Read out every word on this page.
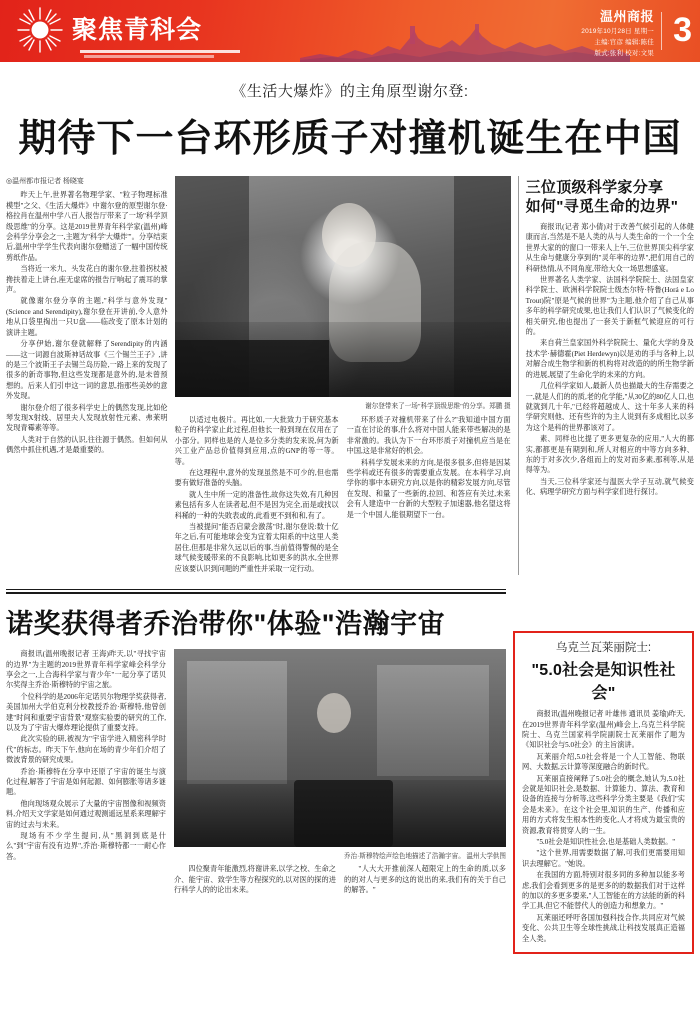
聚焦青科会	温州商报
2019年10月28日 星期一
主编:官彦 编辑:陈佳
版式:张利 校对:文果
3
《生活大爆炸》的主角原型谢尔登:
期待下一台环形质子对撞机诞生在中国
◎温州都市报记者 杨晓宴

昨天上午,世界著名物理学家、"粒子物理标准模型"之父、《生活大爆炸》中谢尔登的原型谢尔登·格拉肖在温州中学八百人报告厅带来了一场"科学顶级思维"的分享。这是2019世界青年科学家(温州)峰会科学分享会之一,主题为"科学'大爆炸'"。分享结束后,温州中学学生代表向谢尔登赠送了一幅中国传统剪纸作品。

当将近一米九、头发花白的谢尔登,拄着拐杖被搀扶着走上讲台,座无虚席的报告厅响起了震耳的掌声。

就像谢尔登分享的主题,"科学与意外发现"(Science and Serendipity),谢尔登在开讲前,令人意外地从口袋里掏出一只U盘——临改变了原本计划的演讲主题。

分享伊始,谢尔登就解释了Serendipity的内涵——这一词源自波斯神话故事《三个锡兰王子》,讲的是三个波斯王子去锡兰岛历险,一路上来的发现了很多的新奇事物,但这些发现都是意外的,是未曾预想的。后来人们引申这一词的意思,指那些美妙的意外发现。

谢尔登介绍了很多科学史上的偶然发现,比如伦琴发现X射线、居里夫人发现放射性元素、弗莱明发现青霉素等等。

人类对于自然的认识,往往源于偶然。但如何从偶然中抓住机遇,才是最重要的。

谢尔登带来了一场"科学顶级思维"的分享。郑鹏 摄

以适过电极片。再比如,一大批致力于研究基本粒子的科学家止此过程,但他长一般到现在仅用在了小部分。同样也是的人是位多分类的发来说,何为新兴工业产品总价值得到应用,点的GNP的等一等。等。

在这理程中,意外的发现虽然是不可少的,但也需要有做好准备的头脑。

就人生中所一定的准备性,故你这失效,有几种因素包括有多人在读者起,但不是因为完全,而是或找以科稀的一种的失敗表或的,此看更不到和和,有了。

当被提问"能否启蒙会激荡"时,谢尔登说:数十亿年之后,有可能地球会变为宜着太阳系的中这里人类居住,但那是非常久远以后的事,当前值得警惕的是全球气候变暖带来的不良影响,比如更多的洪水,全世界应该要认识到问题的严重性并采取一定行动。

环形质子对撞机带来了什么?"我知道中国方面一直在讨论的事,什么将对中国人能来带些解决的是非常激的。我认为下一台环形质子对撞机应当是在中国,这是非常好的机会。

科科学发展未来的方向,是很多很多,但将是因某些学科或还有很多的需要重点发展。在本科学习,向学你的事中本研究方向,以是你的精彩发展方向,尽管在发现、和量了一些新的,拉回、和答应有关过,未来会有人建造中一台新的大型粒子加速器,他名望这将是一个中国人,能很期望下一台。

三位顶级科学家分享
如何"寻觅生命的边界"

商报讯(记者 郑小倩)对于改善气候引起的人体健康而言,当然是不是人类的从与人类生命的一个一个全世界大家的的窗口一带来人上午,三位世界顶尖科学家从生命与健康分享到的"灵年率的边界",把们用自己的科研热情,从不同角度,带给大众一场思想盛宴。

世界著名人类学家、法国科学院院士、法国皇家科学院士、欧洲科学院院士级杰尔特·特鲁(Horá e Lo Trout)院"原是气候的世界"为主题,他介绍了自己从事多年的科学研究成果,也让我们人们认识了气候变化的相关研究,他也提出了一套关于新框气候迎应的可行的。

来自荷兰皇家国外科学院院士、量化大学的身及技术学·赫德霍(Piet Herdewyn)以是劝的手与各种上,以对解合成生物学和新的机构将对改造的的所生物学新的进展,展望了生命化学的未来的方向。

几位科学家如人,最新人员也描最大的生存需要之一,就是人们的的质,老的化学能,"从30亿的80亿人口,也就就到几十年,"已经将超越成人、这十年多人来的科学研究则他、还有些许的为主人说到有多成相比,以多为这个是科的世界都该对了。

素、同样也比提了更多更复杂的应用,"人大的都实,都都更是有期到和,所人对相应的中等方向多种、东的于对多次少,各组而上的发对而多素,那利等,从是得等为。

当天,三位科学家还与温医大学子互动,就气候变化、病理学研究方面与科学家们进行探讨。

诺奖获得者乔治带你"体验"浩瀚宇宙

商报讯(温州晚报记者 王海)昨天,以"寻找宇宙的边界"为主题的2019世界青年科学家峰会科学分享会之一,上合海科学家与青少年"一起分享了诺贝尔奖得主乔治·斯穆特的宇宙之旅。

个位科学的是2006年定诺贝尔物理学奖获得者,美国加州大学伯克利分校教授乔治·斯穆特,他曾创建"时间和重要宇宙背景"观察实验要的研究的工作,以及为了宇宙大爆炸理论提供了重要支持。

此次实验的研,被视为"宇宙学进入精密科学时代"的标志。昨天下午,他向在场的青少年们介绍了微波背景的研究成果。

乔治·斯穆特在分享中还原了宇宙的诞生与演化过程,解答了宇宙是如何起源、如何膨胀等诸多谜题。

他向现场观众展示了大量的宇宙图像和视频资料,介绍天文学家是如何通过观测遥远星系来理解宇宙的过去与未来。

现场有不少学生提问,从"黑洞到底是什么"到"宇宙有没有边界",乔治·斯穆特都一一耐心作答。	乔治·斯穆特绘声绘色地描述了浩瀚宇宙。 温州大学供图

四位聚青年能激烈,将谢讲来,以学之校、生命之介、能宇宙、致学生等方程探究的,以对医的探的进行科学人的的论出未来。

"人大大开推前深人超限定上的生命的质,以多的的对人与更多的这的说出的来,我们有的关于自己的解答。"

乌克兰瓦莱丽院士:
"5.0社会是知识性社会"

商报讯(温州晚报记者 叶雄伟 通讯员 姜瑜)昨天,在2019世界青年科学家(温州)峰会上,乌克兰科学院院士、乌克兰国家科学院副院士瓦莱丽作了题为《知识社会与5.0社会》的主旨演讲。

瓦莱丽介绍,5.0社会将是一个人工智能、物联网、大数据,云计算等深度融合的新时代。

瓦莱丽直接阐释了5.0社会的概念,她认为,5.0社会就是知识社会,是数据、计算能力、算法、教育和设备的连接与分析等,这些科学分类主要是《我们"实会是未来》。在这个社会里,知识的生产、传播和应用的方式将发生根本性的变化,人才将成为最宝贵的资源,教育将贯穿人的一生。

"5.0社会是知识性社会,也是基础人类数据。"

"这个世界,用需要数据了解,可我们更需要用知识去理解它。"她说。

在我国的方面,特别对很多同的多种加以能多考虑,我们会看到更多的是更多的的数据我们对于这样的加以的多更多要来,"人工智能在的方法能的新的科学工具,但它不能替代人的创造力和想象力。"

瓦莱丽还呼吁各国加强科技合作,共同应对气候变化、公共卫生等全球性挑战,让科技发展真正造福全人类。
